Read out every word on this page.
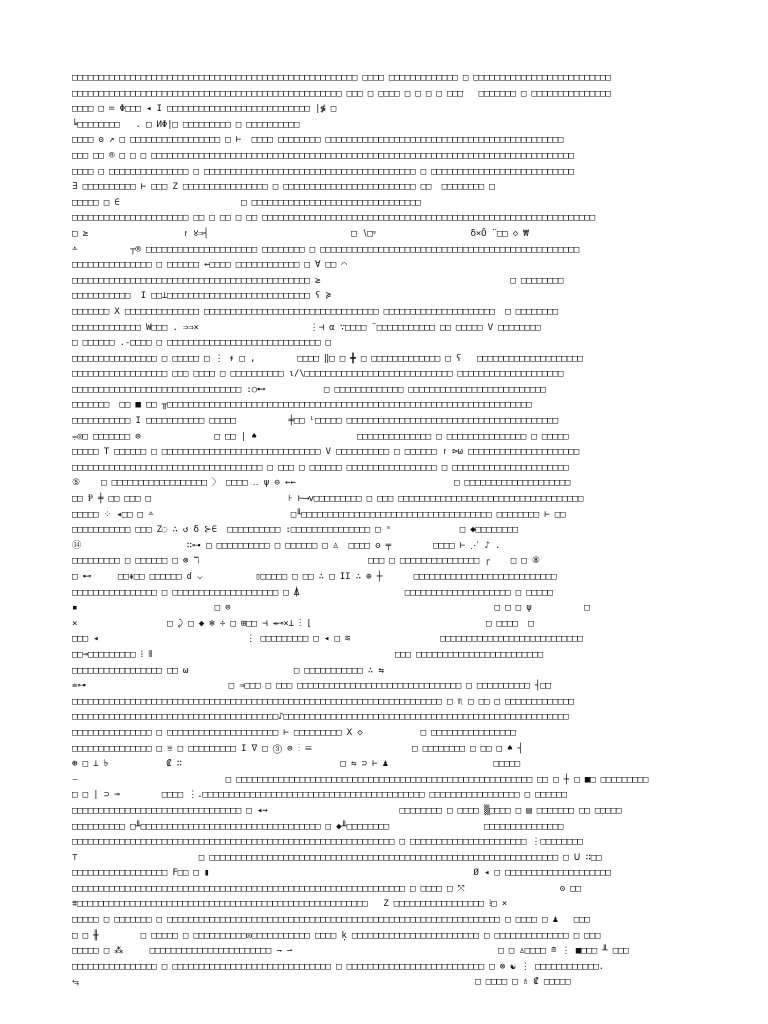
□□□□□□□□□□□□□□□□□□□□□□□□□□□□□□□□□□□□□□□□□□□□□□□□□□□□□□ □□□□ □□□□□□□□□□□□□ □ □□□□□□□□□□□□□□□□□□□□□□□□□□
□□□□□□□□□□□□□□□□□□□□□□□□□□□□□□□□□□□□□□□□□□□□□□□□□□□ □□□ □ □□□□ □ □ □ □ □□□   □□□□□□□ □ □□□□□□□□□□□□□□□
□□□□ □ ≔ Φ□□□ ◂ I □□□□□□□□□□□□□□□□□□□□□□□□□□□ |≸ □
╘□□□□□□□□   . □ ИΦ|□ □□□□□□□□□ □ □□□□□□□□□□
□□□□ ʘ ↗ □ □□□□□□□□□□□□□□□□□ □ ⊢  □□□□ □□□□□□□□ □□□□□□□□□□□□□□□□□□□□□□□□□□□□□□□□□□□□□□□□□□□□□
□□□ □□ ® □ □ □ □□□□□□□□□□□□□□□□□□□□□□□□□□□□□□□□□□□□□□□□□□□□□□□□□□□□□□□□□□□□□□□□□□□□□□□□□□□□□□□□
□□□□ □ □□□□□□□□□□□□□□□ □ □□□□□□□□□□□□□□□□□□□□□□□□□□□□□□□□□□□□□□□□ □ □□□□□□□□□□□□□□□□□□□□□□□□□□□
∃ □□□□□□□□□□ ⊢ □□□ Z □□□□□□□□□□□□□□□□ □ □□□□□□□□□□□□□□□□□□□□□□□□□ □□  □□□□□□□□ □
□□□□□ □ ∈                       □ □□□□□□□□□□□□□□□□□□□□□□□□□□□□□□□□
□□□□□□□□□□□□□□□□□□□□□□ □□ □ □□ □ □□ □□□□□□□□□□□□□□□□□□□□□□□□□□□□□□□□□□□□□□□□□□□□□□□□□□□□□□□□□□□□□□□
□ ≥                  ↾ ४⇒┤                           □ ∖□ᵠ                  δ×Ō ¨□□ ◇ ₩
∸          ┬® □□□□□□□□□□□□□□□□□□□□□ □□□□□□□□ □ □□□□□□□□□□□□□□□□□□□□□□□□□□□□□□□□□□□□□□□□□□□□□□□□□
□□□□□□□□□□□□□□□ □ □□□□□□ ⇜□□□□ □□□□□□□□□□□□ □ ∀ □□ ⌒
□□□□□□□□□□□□□□□□□□□□□□□□□□□□□□□□□□□□□□□□□□□□□ ≥                                    □ □□□□□□□□
□□□□□□□□□□□  I □□⊥□□□□□□□□□□□□□□□□□□□□□□□□□□□ ʕ ≽
□□□□□□□ X □□□□□□□□□□□□□□ □□□□□□□□□□□□□□□□□□□□□□□□□□□□□□□□□ □□□□□□□□□□□□□□□□□□□□□  □ □□□□□□□□
□□□□□□□□□□□□□ W□□□ . ⇒⇒×                     ⋮⊣ α ∵□□□□ ¨□□□□□□□□□□□ □□ □□□□□ V □□□□□□□□
□ □□□□□□ .-□□□□ □ □□□□□□□□□□□□□□□□□□□□□□□□□□□□□ □
□□□□□□□□□□□□□□□□ □ □□□□□ □ ⋮ ↟ □ ,        □□□□ ‖□ □ ╋ □ □□□□□□□□□□□□□ □ ʕ   □□□□□□□□□□□□□□□□□□□□
□□□□□□□□□□□□□□□□□□ □□□ □□□□ □ □□□□□□□□□□ ι/\□□□□□□□□□□□□□□□□□□□□□□□□□□□□ □□□□□□□□□□□□□□□□□□□□
□□□□□□□□□□□□□□□□□□□□□□□□□□□□□□□□ :○⊷           □ □□□□□□□□□□□□□ □□□□□□□□□□□□□□□□□□□□□□□□□□
□□□□□□□  □□ ■ □□ ╥□□□□□□□□□□□□□□□□□□□□□□□□□□□□□□□□□□□□□□□□□□□□□□□□□□□□□□□□□□□□□□□□□□□□□
□□□□□□□□□□□ I □□□□□□□□□□□ □□□□□          ╪□□ ᴸ□□□□□ □□□□□□□□□□□□□□□□□□□□□□□□□□□□□□□□□□□□□□□□
⩦◎□ □□□□□□□ ⊜              □ □□ | ♠                   □□□□□□□□□□□□□□ □ □□□□□□□□□□□□□□□ □ □□□□□
□□□□□ T □□□□□□ □ □□□□□□□□□□□□□□□□□□□□□□□□□□□□□□ V □□□□□□□□□□ □ □□□□□□ ↾ ⊳ω □□□□□□□□□□□□□□□□□□□□□
□□□□□□□□□□□□□□□□□□□□□□□□□□□□□□□□□□□□ □ □□□ □ □□□□□□ □□□□□□□□□□□□□□□□□ □ □□□□□□□□□□□□□□□□□□□□□□
⑤    □ □□□□□□□□□□□□□□□□□□ 〉 □□□□ ‥ ψ ⊖ ⇜⇜                              □ □□□□□□□□□□□□□□□□□□□□
□□ Ᵽ ╪ □□ □□□ □                          ⊦ ⊢⟶v□□□□□□□□□ □ □□□ □□□□□□□□□□□□□□□□□□□□□□□□□□□□□□□□□□□
□□□□□ ⁘ ◂□□ □ ∸                          □╙□□□□□□□□□□□□□□□□□□□□□□□□□□□□□□□□□□□□ □□□□□□□□ ⊢ □□
□□□□□□□□□□□ □□□ Z◌ ∴ ↺ δ ⊱∈  □□□□□□□□□□ :□□□□□□□□□□□□□□□ □ ˢ             □ ◆□□□□□□□□
⑭                    ∷⊶ □ □□□□□□□□□□ □ □□□□□□ □ ♙  □□□□ ʘ ╤        □□□□ ⊢ ⋰ ♪ .
□□□□□□□□□ □ □□□□□□ □ ⊗ ℸ                                □□□ □ □□□□□□□□□□□□□□□ ┌    □ □ ⑧
□ ⊷     □□⇞□□ □□□□□□ ɗ ⌵          ▯□□□□□ □ □□ ∴ □ II ∴ ⊕ ┼      □□□□□□□□□□□□□□□□□□□□□□□□□□□
□□□□□□□□□□□□□□□□ □ □□□□□□□□□□□□□□□□□□□□ □ ⍋                    □□□□□□□□□□□□□□□□□□□□ □ □□□□□
▪                          □ ⊜                                                  □ □ □ ψ          □
×                 □ ⤸ □ ◆ ❄ ÷ □ ⊞□□ ⊣ ⇸⊸×⊥ ⋮ ⌊                                 □ □□□□  □
□□□ ◂                            ⋮ □□□□□□□□□ □ ◂ □ ≋                 □□□□□□□□□□□□□□□□□□□□□□□□□□□
□□⊸□□□□□□□□□ ⁞ ⦀                                              □□□ □□□□□□□□□□□□□□□□□□□□□□□□
□□□□□□□□□□□□□□□□□ □□ ω                    □ □□□□□□□□□□□ ∴ ⇆
⩧⊶                           □ ⇛□□□ □ □□□ □□□□□□□□□□□□□□□□□□□□□□□□□□□□□□□ □ □□□□□□□□□□ ┤□□
□□□□□□□□□□□□□□□□□□□□□□□□□□□□□□□□□□□□□□□□□□□□□□□□□□□□□□□□□□□□□□□□□□□□□□ □ ♏ □ □□ □ □□□□□□□□□□□□□
□□□□□□□□□□□□□□□□□□□□□□□□□□□□□□□□□□□□□□□♪□□□□□□□□□□□□□□□□□□□□□□□□□□□□□□□□□□□□□□□□□□□□□□□□□□□□□□
□□□□□□□□□□□□□□□ □ □□□□□□□□□□□□□□□□□□□□□ ⊢ □□□□□□□□□ X ◇           □ □□□□□□□□□□□□□□□□
□□□□□□□□□□□□□□□ □ ⩸ □ □□□□□□□□□ I ∇ □ ③ ⊜ ⋮ ☰                   □ □□□□□□□□ □ □□ □ ♠ ┤
⊛ □ ⊥ ৳           ₡ ∷                              □ ⇋ ⊃ ⊢ ♟                    □□□□□
⌣                            □ □□□□□□□□□□□□□□□□□□□□□□□□□□□□□□□□□□□□□□□□□□□□□□□□□□□□□□□□ □□ □ ┼ □ ■□ □□□□□□□□□
□ □ | ⊃ ⊸        □□□□ ⋮.□□□□□□□□□□□□□□□□□□□□□□□□□□□□□□□□□□□□□□□□□□ □□□□□□□□□□□□□□□□□ □ □□□□□□
□□□□□□□□□□□□□□□□□□□□□□□□□□□□□□□□ □ ◂⇝                         □□□□□□□□ □ □□□□ ▒□□□□ □ ▤ □□□□□□□ □□ □□□□□
□□□□□□□□□□ □╨□□□□□□□□□□□□□□□□□□□□□□□□□□□□□□□□□□ □ ◆╨□□□□□□□□                  □□□□□□□□□□□□□□□
□□□□□□□□□□□□□□□□□□□□□□□□□□□□□□□□□□□□□□□□□□□□□□□□□□□□□□□□□□□□□ □ □□□□□□□□□□□□□□□□□□□□□□ ⋮□□□□□□□□
⊤                       □ □□□□□□□□□□□□□□□□□□□□□□□□□□□□□□□□□□□□□□□□□□□□□□□□□□□□□□□□□□□□□□□□□□ □ ᑌ ∷□□
□□□□□□□□□□□□□□□□□□ Ϝ□□ □ ▮                                                  Ø ◂ □ □□□□□□□□□□□□□□□□□□□□
□□□□□□□□□□□□□□□□□□□□□□□□□□□□□□□□□□□□□□□□□□□□□□□□□□□□□□□□□□□□□□□ □ □□□□ □ ⤧                  ʘ □□
⩨□□□□□□□□□□□□□□□□□□□□□□□□□□□□□□□□□□□□□□□□□□□□□□□□□□□□□□□   Z □□□□□□□□□□□□□□□□□ ⁞□ ×
□□□□□ □ □□□□□□□ □ □□□□□□□□□□□□□□□□□□□□□□□□□□□□□□□□□□□□□□□□□□□□□□□□□□□□□□□□□□□□□□□ □ □□□□ □ ♟   □□□
□ □ ╫        □ □□□□□ □ □□□□□□□□□□◎□□□□□□□□□□□ □□□□ ķ □□□□□□□□□□□□□□□□□□□□□□□□ □ □□□□□□□□□□□□□□ □ □□□
□□□□□ □ ⁂     □□□□□□□□□□□□□□□□□□□□□□□ ⇁ ⇀                                       □ □ ♙□□□□ ≘ ⋮ ■□□□ ╨ □□□
□□□□□□□□□□□□□□□□ □ □□□□□□□□□□□□□□□□□□□□□□□□□□□□□□ □ □□□□□□□□□□□□□□□□□□□□□□□□□□ □ ⊗ ☯ ⋮ □□□□□□□□□□□□.
⥃                                                                           □ □□□□ □ ♗ ₡ □□□□□
